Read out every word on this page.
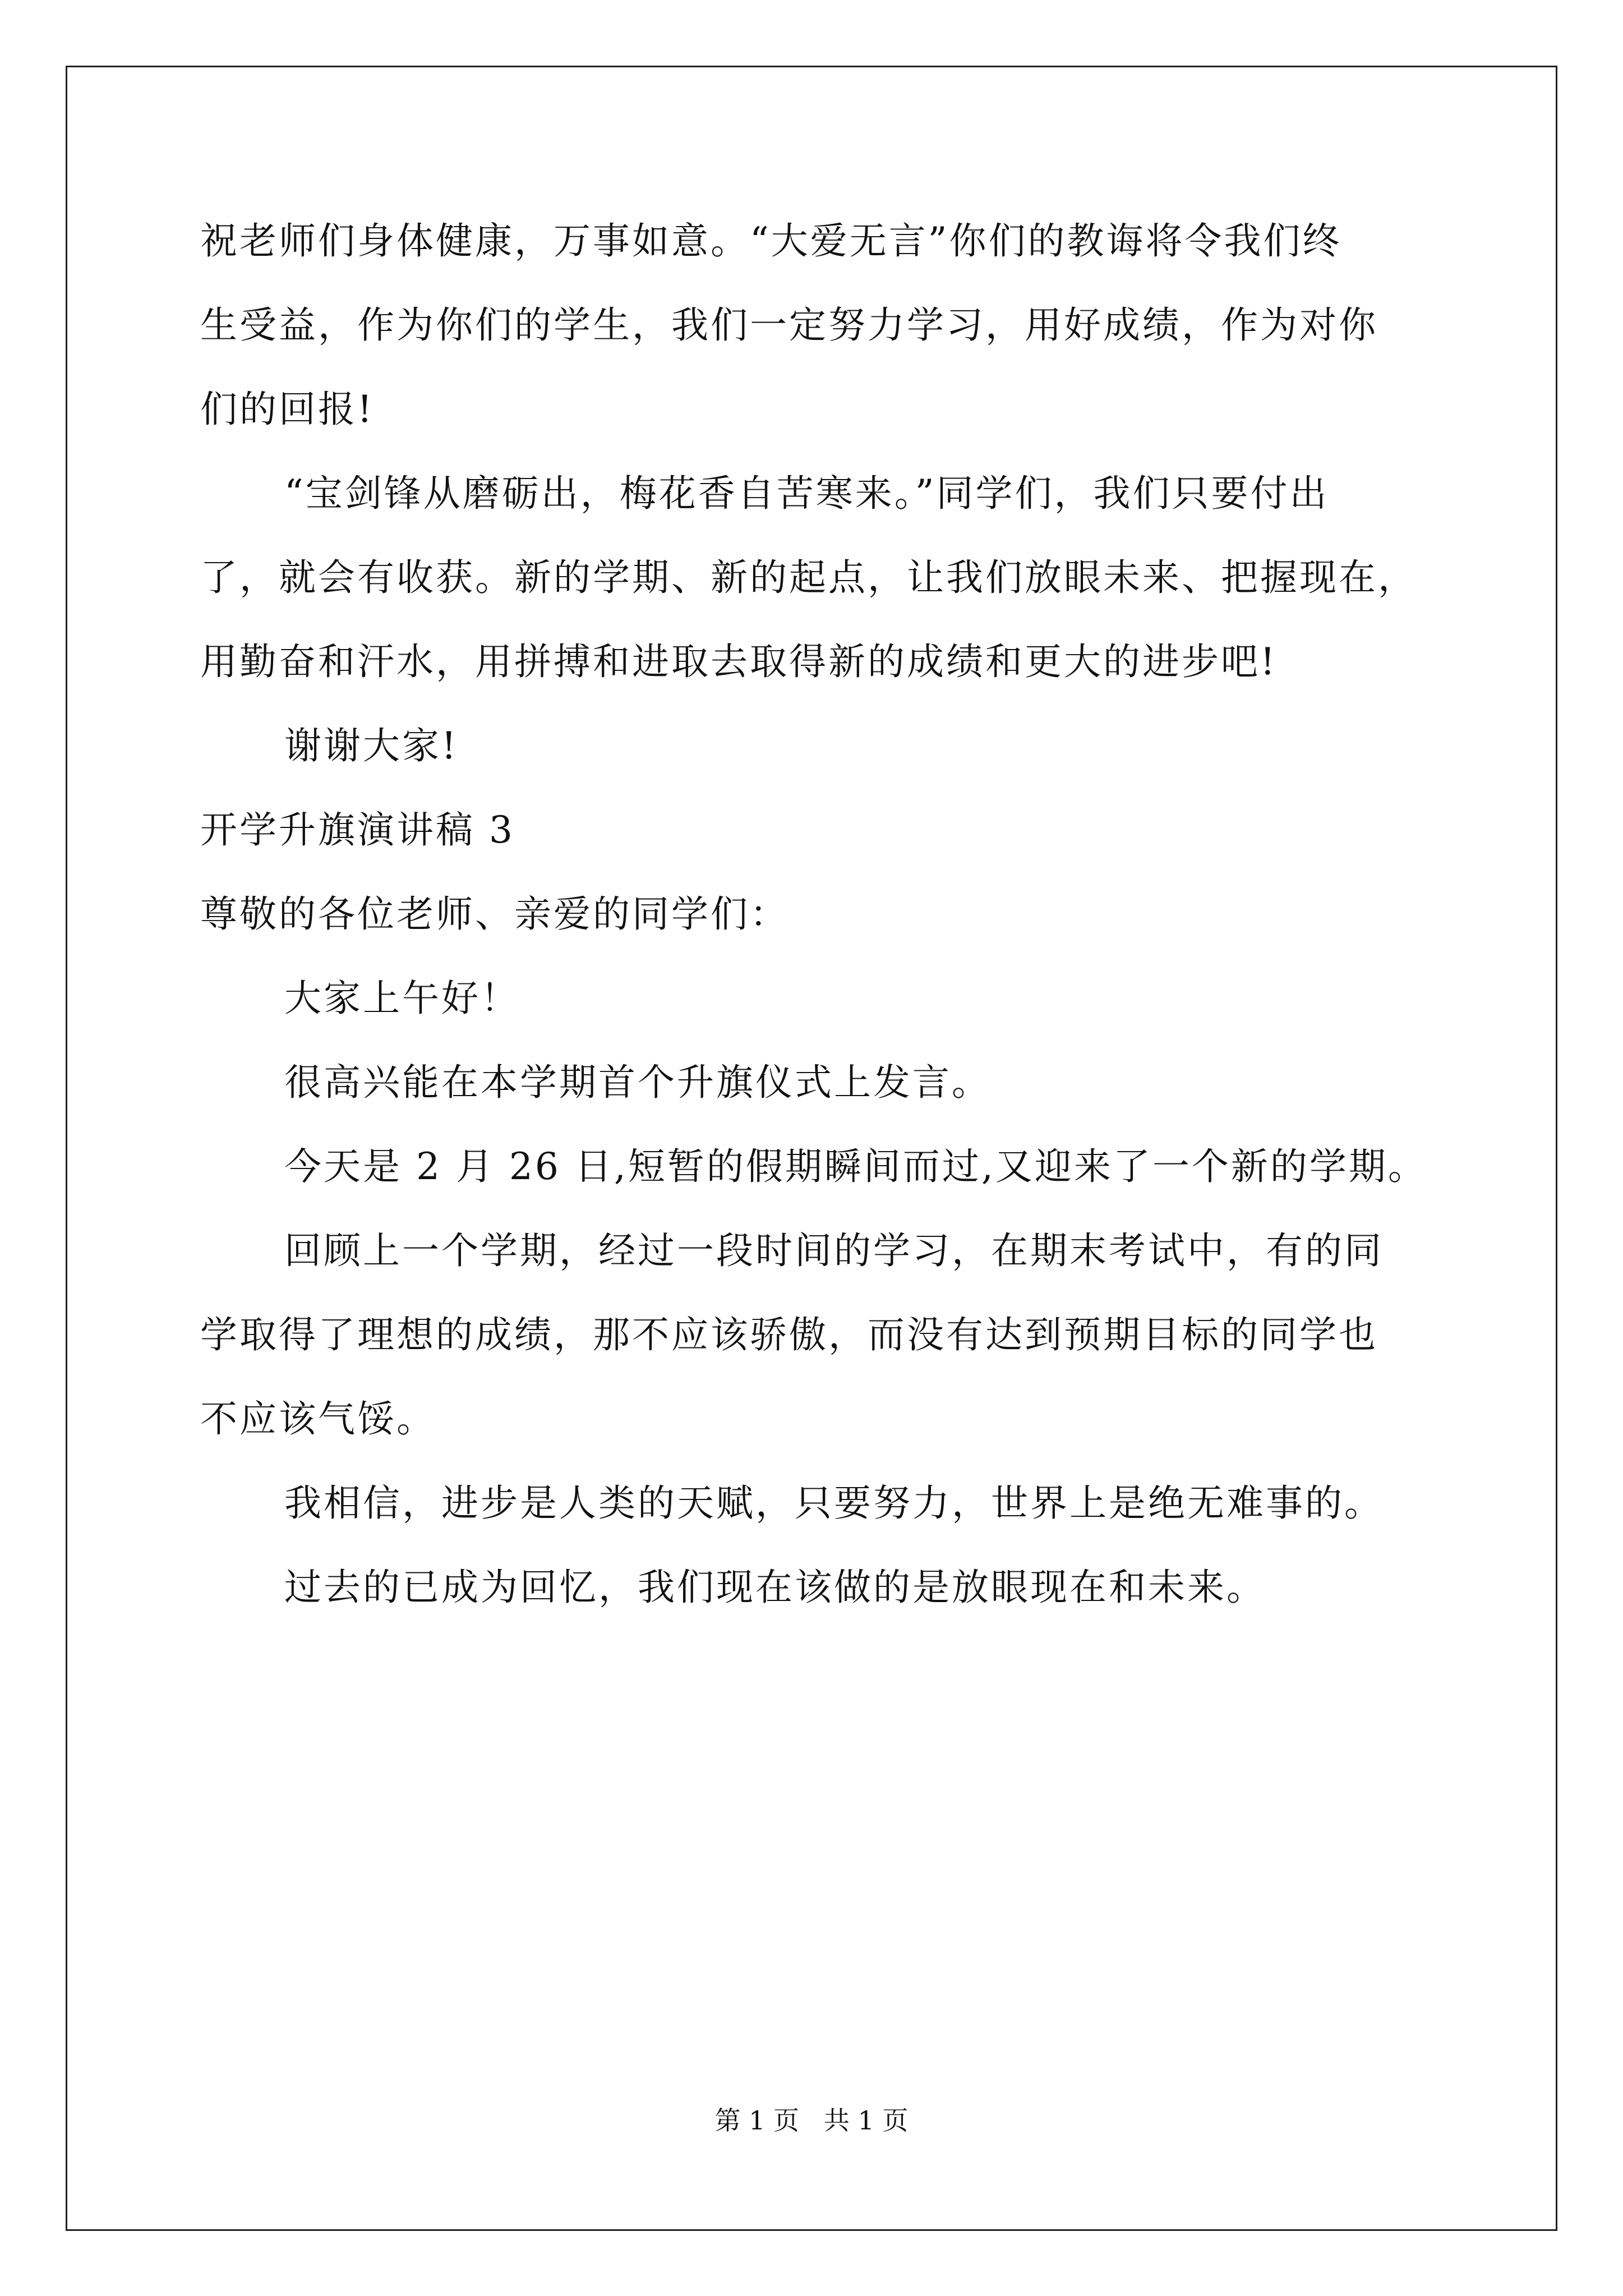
祝老师们身体健康，万事如意。“大爱无言”你们的教诲将令我们终
生受益，作为你们的学生，我们一定努力学习，用好成绩，作为对你
们的回报!
“宝剑锋从磨砺出，梅花香自苦寒来。”同学们，我们只要付出
了，就会有收获。新的学期、新的起点，让我们放眼未来、把握现在，
用勤奋和汗水，用拼搏和进取去取得新的成绩和更大的进步吧!
谢谢大家!
开学升旗演讲稿 3
尊敬的各位老师、亲爱的同学们：
大家上午好！
很高兴能在本学期首个升旗仪式上发言。
今天是 2 月 26 日,短暂的假期瞬间而过,又迎来了一个新的学期。
回顾上一个学期，经过一段时间的学习，在期末考试中，有的同
学取得了理想的成绩，那不应该骄傲，而没有达到预期目标的同学也
不应该气馁。
我相信，进步是人类的天赋，只要努力，世界上是绝无难事的。
过去的已成为回忆，我们现在该做的是放眼现在和未来。
第 1 页   共 1 页
